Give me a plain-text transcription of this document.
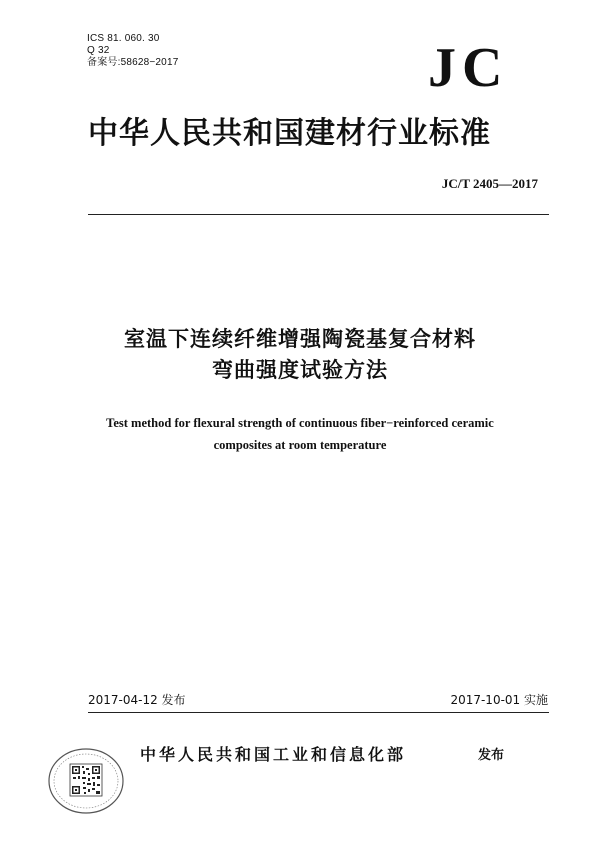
ICS 81. 060. 30
Q 32
备案号:58628−2017	JC
中华人民共和国建材行业标准
JC/T 2405—2017
室温下连续纤维增强陶瓷基复合材料
弯曲强度试验方法
Test method for flexural strength of continuous fiber−reinforced ceramic
composites at room temperature
2017-04-12 发布	2017-10-01 实施
中华人民共和国工业和信息化部	发布
